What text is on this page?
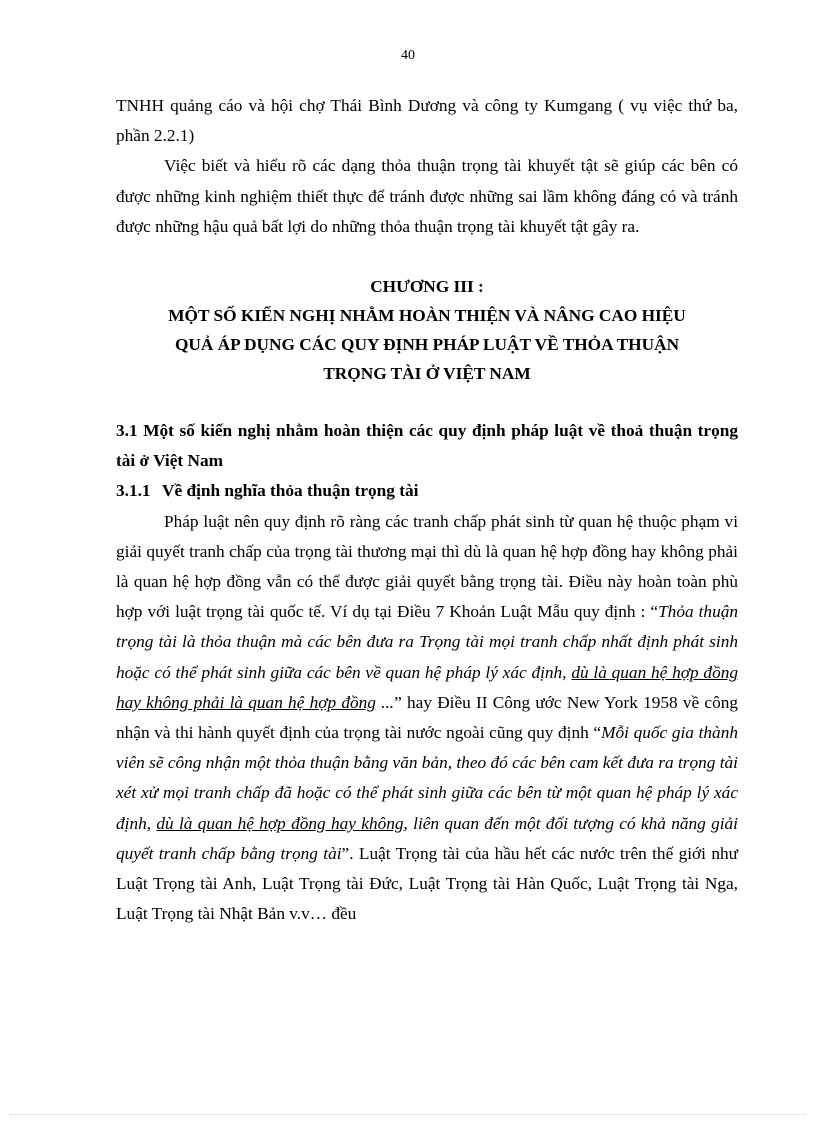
40

TNHH quảng cáo và hội chợ Thái Bình Dương và công ty Kumgang ( vụ việc thứ ba, phần 2.2.1)

Việc biết và hiểu rõ các dạng thỏa thuận trọng tài khuyết tật sẽ giúp các bên có được những kinh nghiệm thiết thực để tránh được những sai lầm không đáng có và tránh được những hậu quả bất lợi do những thỏa thuận trọng tài khuyết tật gây ra.

CHƯƠNG III :
MỘT SỐ KIẾN NGHỊ NHẰM HOÀN THIỆN VÀ NÂNG CAO HIỆU
QUẢ ÁP DỤNG CÁC QUY ĐỊNH PHÁP LUẬT VỀ THỎA THUẬN
TRỌNG TÀI Ở VIỆT NAM

3.1 Một số kiến nghị nhằm hoàn thiện các quy định pháp luật về thoả thuận trọng tài ở Việt Nam

3.1.1 Về định nghĩa thỏa thuận trọng tài

Pháp luật nên quy định rõ ràng các tranh chấp phát sinh từ quan hệ thuộc phạm vi giải quyết tranh chấp của trọng tài thương mại thì dù là quan hệ hợp đồng hay không phải là quan hệ hợp đồng vẫn có thể được giải quyết bằng trọng tài. Điều này hoàn toàn phù hợp với luật trọng tài quốc tế. Ví dụ tại Điều 7 Khoản Luật Mẫu quy định : “Thỏa thuận trọng tài là thỏa thuận mà các bên đưa ra Trọng tài mọi tranh chấp nhất định phát sinh hoặc có thể phát sinh giữa các bên về quan hệ pháp lý xác định, dù là quan hệ hợp đồng hay không phải là quan hệ hợp đồng ...” hay Điều II Công ước New York 1958 về công nhận và thi hành quyết định của trọng tài nước ngoài cũng quy định “Mỗi quốc gia thành viên sẽ công nhận một thỏa thuận bằng văn bản, theo đó các bên cam kết đưa ra trọng tài xét xử mọi tranh chấp đã hoặc có thể phát sinh giữa các bên từ một quan hệ pháp lý xác định, dù là quan hệ hợp đồng hay không, liên quan đến một đối tượng có khả năng giải quyết tranh chấp bằng trọng tài”. Luật Trọng tài của hầu hết các nước trên thế giới như Luật Trọng tài Anh, Luật Trọng tài Đức, Luật Trọng tài Hàn Quốc, Luật Trọng tài Nga, Luật Trọng tài Nhật Bản v.v… đều
